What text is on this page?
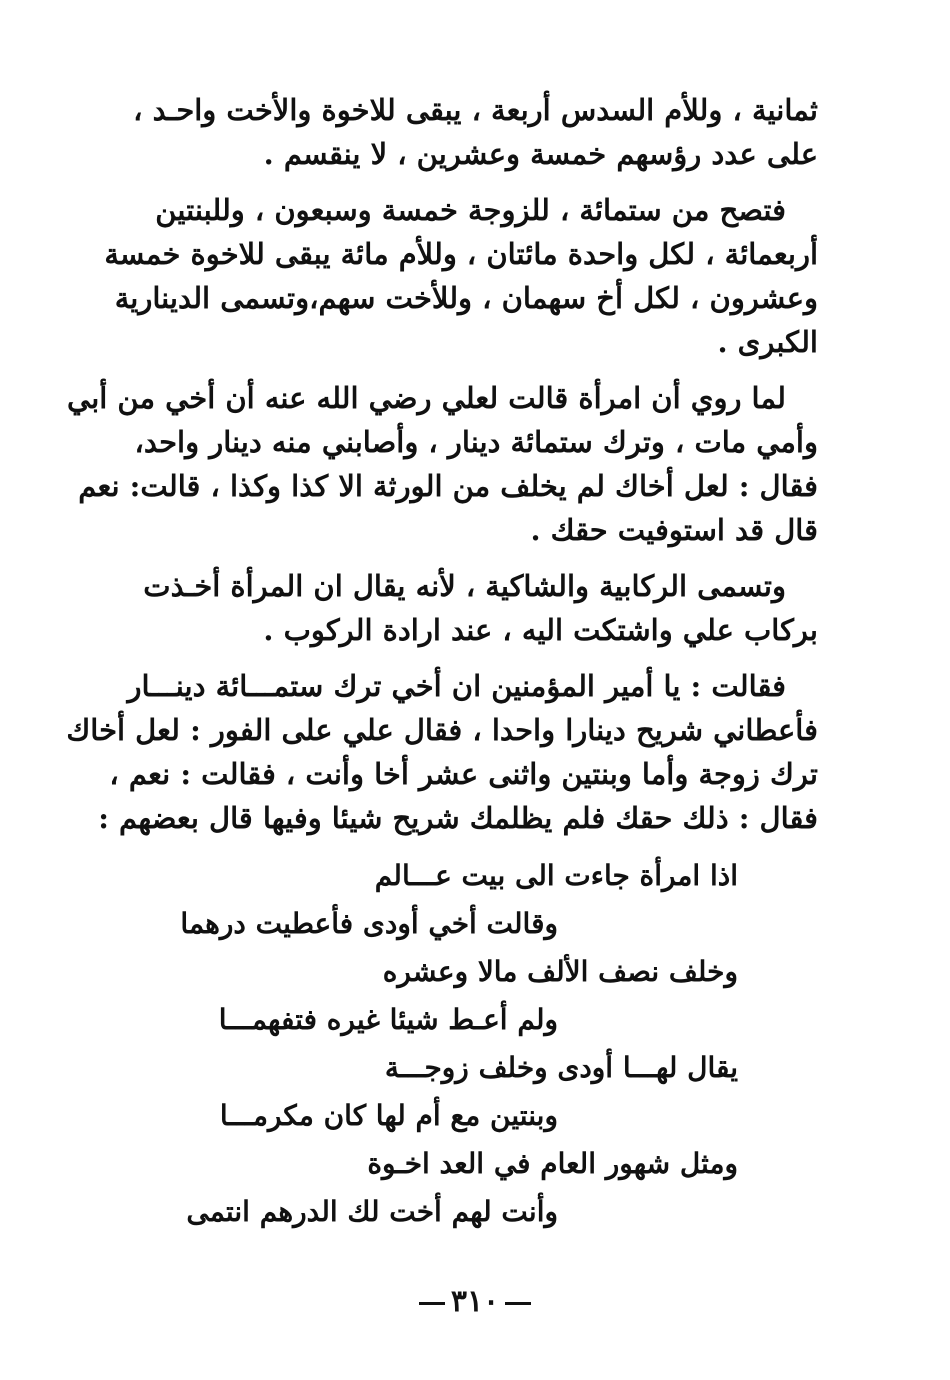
ثمانية ، وللأم السدس أربعة ، يبقى للاخوة والأخت واحـد ،
على عدد رؤسهم خمسة وعشرين ، لا ينقسم .
فتصح من ستمائة ، للزوجة خمسة وسبعون ، وللبنتين
أربعمائة ، لكل واحدة مائتان ، وللأم مائة يبقى للاخوة خمسة
وعشرون ، لكل أخ سهمان ، وللأخت سهم،وتسمى الدينارية
الكبرى .
لما روي أن امرأة قالت لعلي رضي الله عنه أن أخي من أبي
وأمي مات ، وترك ستمائة دينار ، وأصابني منه دينار واحد،
فقال : لعل أخاك لم يخلف من الورثة الا كذا وكذا ، قالت: نعم
قال قد استوفيت حقك .
وتسمى الركابية والشاكية ، لأنه يقال ان المرأة أخـذت
بركاب علي واشتكت اليه ، عند ارادة الركوب .
فقالت : يا أمير المؤمنين ان أخي ترك ستمـــائة دينـــار
فأعطاني شريح دينارا واحدا ، فقال علي على الفور : لعل أخاك
ترك زوجة وأما وبنتين واثنى عشر أخا وأنت ، فقالت : نعم ،
فقال : ذلك حقك فلم يظلمك شريح شيئا وفيها قال بعضهم :
اذا امرأة جاءت الى بيت عـــالم
وقالت أخي أودى فأعطيت درهما
وخلف نصف الألف مالا وعشره
ولم أعـط شيئا غيره فتفهمـــا
يقال لهـــا أودى وخلف زوجـــة
وبنتين مع أم لها كان مكرمـــا
ومثل شهور العام في العد اخـوة
وأنت لهم أخت لك الدرهم انتمى
٣١٠
